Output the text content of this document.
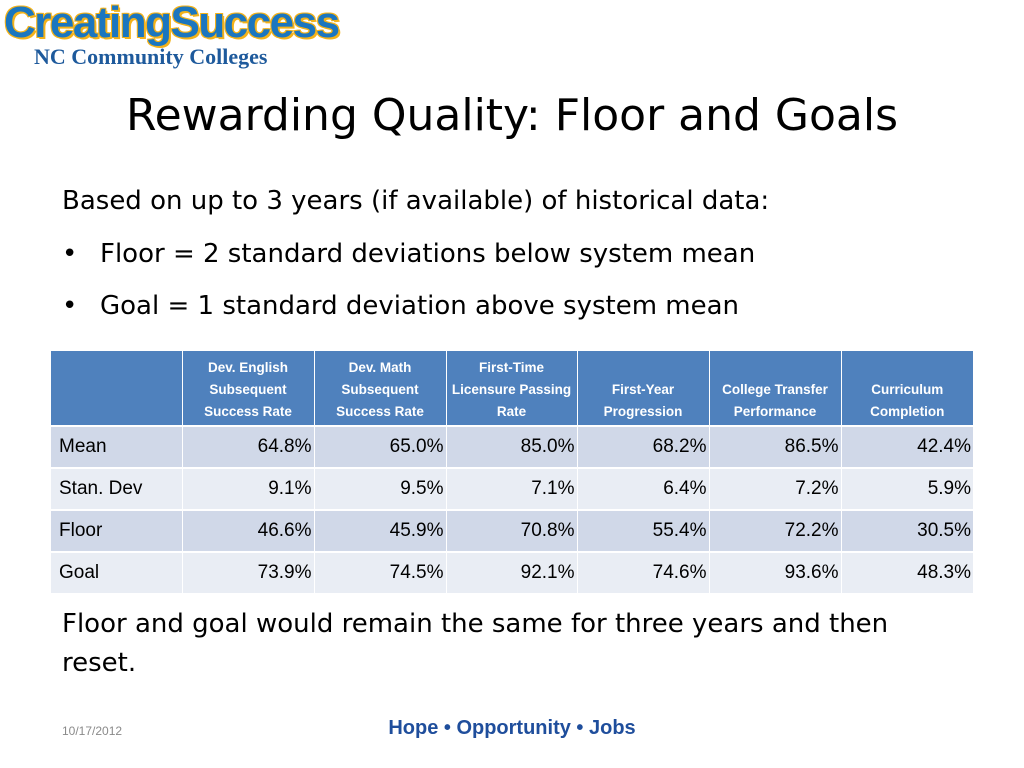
CreatingSuccess
NC Community Colleges
Rewarding Quality: Floor and Goals
Based on up to 3 years (if available) of historical data:
• Floor = 2 standard deviations below system mean
• Goal = 1 standard deviation above system mean
	Dev. English Subsequent Success Rate	Dev. Math Subsequent Success Rate	First-Time Licensure Passing Rate	First-Year Progression	College Transfer Performance	Curriculum Completion
Mean	64.8%	65.0%	85.0%	68.2%	86.5%	42.4%
Stan. Dev	9.1%	9.5%	7.1%	6.4%	7.2%	5.9%
Floor	46.6%	45.9%	70.8%	55.4%	72.2%	30.5%
Goal	73.9%	74.5%	92.1%	74.6%	93.6%	48.3%
Floor and goal would remain the same for three years and then reset.
10/17/2012	Hope • Opportunity • Jobs
